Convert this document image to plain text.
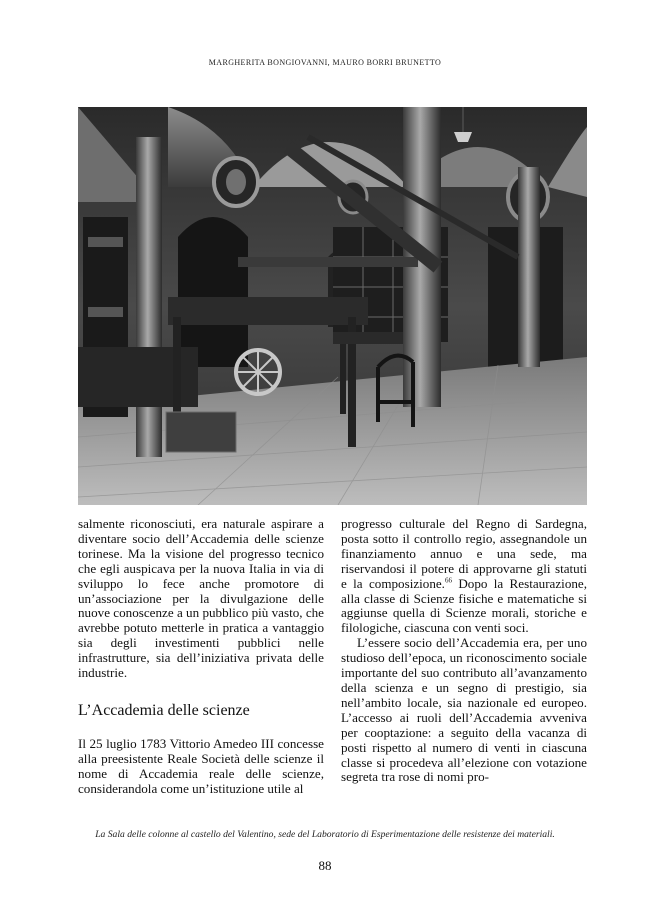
MARGHERITA BONGIOVANNI, MAURO BORRI BRUNETTO

salmente riconosciuti, era naturale aspirare a diventare socio dell’Accademia delle scienze torinese. Ma la visione del progresso tecnico che egli auspicava per la nuova Italia in via di sviluppo lo fece anche promotore di un’associazione per la divulgazione delle nuove conoscenze a un pubblico più vasto, che avrebbe potuto metterle in pratica a vantaggio sia degli investimenti pubblici nelle infrastrutture, sia dell’iniziativa privata delle industrie.

L’Accademia delle scienze

Il 25 luglio 1783 Vittorio Amedeo III concesse alla preesistente Reale Società delle scienze il nome di Accademia reale delle scienze, considerandola come un’istituzione utile al

progresso culturale del Regno di Sardegna, posta sotto il controllo regio, assegnandole un finanziamento annuo e una sede, ma riservandosi il potere di approvarne gli statuti e la composizione.$^{66}$ Dopo la Restaurazione, alla classe di Scienze fisiche e matematiche si aggiunse quella di Scienze morali, storiche e filologiche, ciascuna con venti soci.

L’essere socio dell’Accademia era, per uno studioso dell’epoca, un riconoscimento sociale importante del suo contributo all’avanzamento della scienza e un segno di prestigio, sia nell’ambito locale, sia nazionale ed europeo. L’accesso ai ruoli dell’Accademia avveniva per cooptazione: a seguito della vacanza di posti rispetto al numero di venti in ciascuna classe si procedeva all’elezione con votazione segreta tra rose di nomi pro-

La Sala delle colonne al castello del Valentino, sede del Laboratorio di Esperimentazione delle resistenze dei materiali.
88
